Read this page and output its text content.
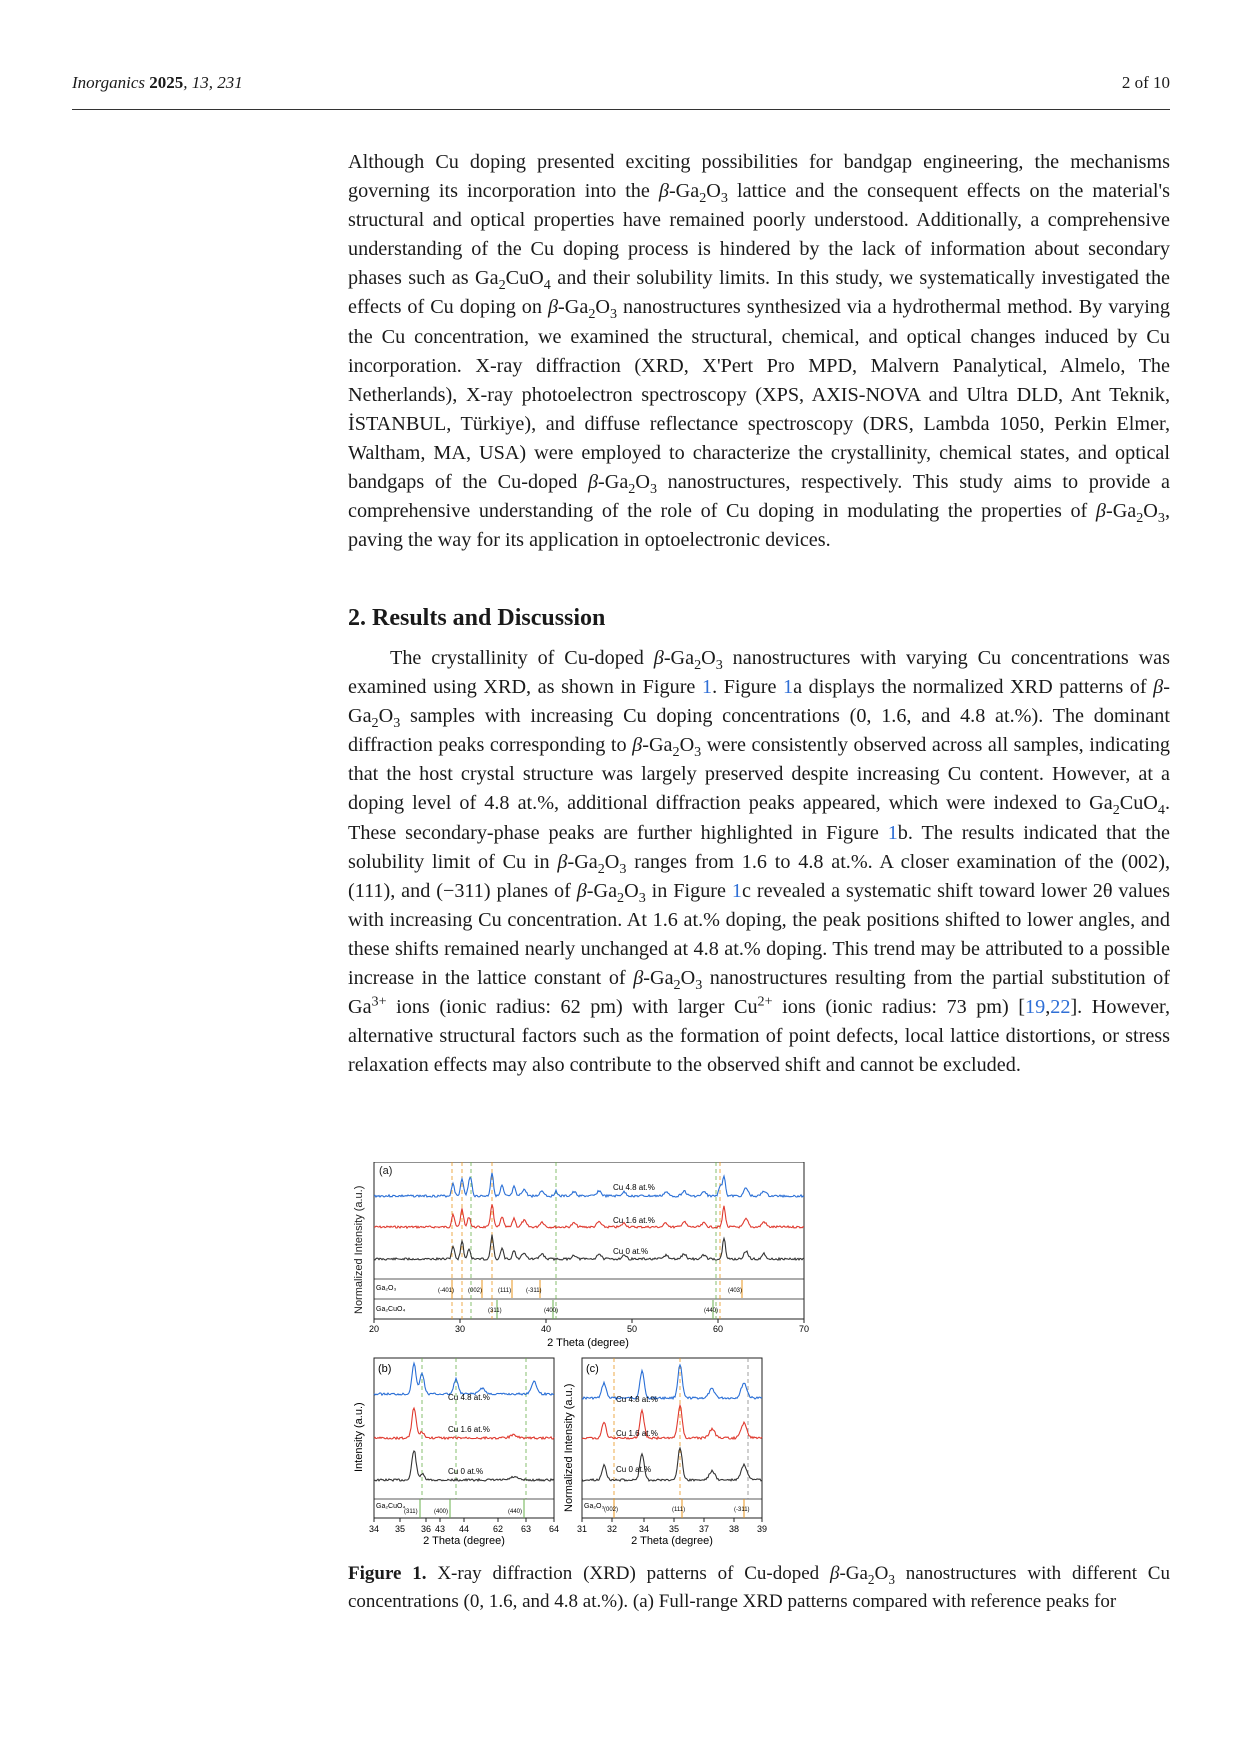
Inorganics 2025, 13, 231	2 of 10

Although Cu doping presented exciting possibilities for bandgap engineering, the mechanisms governing its incorporation into the $\beta-Ga_2O_3$ lattice and the consequent effects on the material's structural and optical properties have remained poorly understood. Additionally, a comprehensive understanding of the Cu doping process is hindered by the lack of information about secondary phases such as $Ga_2CuO_4$ and their solubility limits. In this study, we systematically investigated the effects of Cu doping on $\beta-Ga_2O_3$ nanostructures synthesized via a hydrothermal method. By varying the Cu concentration, we examined the structural, chemical, and optical changes induced by Cu incorporation. X-ray diffraction (XRD, X'Pert Pro MPD, Malvern Panalytical, Almelo, The Netherlands), X-ray photoelectron spectroscopy (XPS, AXIS-NOVA and Ultra DLD, Ant Teknik, İSTANBUL, Türkiye), and diffuse reflectance spectroscopy (DRS, Lambda 1050, Perkin Elmer, Waltham, MA, USA) were employed to characterize the crystallinity, chemical states, and optical bandgaps of the Cu-doped $\beta-Ga_2O_3$ nanostructures, respectively. This study aims to provide a comprehensive understanding of the role of Cu doping in modulating the properties of $\beta-Ga_2O_3$, paving the way for its application in optoelectronic devices.

2. Results and Discussion

The crystallinity of Cu-doped $\beta-Ga_2O_3$ nanostructures with varying Cu concentrations was examined using XRD, as shown in Figure 1. Figure 1a displays the normalized XRD patterns of $\beta-Ga_2O_3$ samples with increasing Cu doping concentrations (0, 1.6, and 4.8 at.%). The dominant diffraction peaks corresponding to $\beta-Ga_2O_3$ were consistently observed across all samples, indicating that the host crystal structure was largely preserved despite increasing Cu content. However, at a doping level of 4.8 at.%, additional diffraction peaks appeared, which were indexed to $Ga_2CuO_4$. These secondary-phase peaks are further highlighted in Figure 1b. The results indicated that the solubility limit of Cu in $\beta-Ga_2O_3$ ranges from 1.6 to 4.8 at.%. A closer examination of the (002), (111), and (−311) planes of $\beta-Ga_2O_3$ in Figure 1c revealed a systematic shift toward lower 2θ values with increasing Cu concentration. At 1.6 at.% doping, the peak positions shifted to lower angles, and these shifts remained nearly unchanged at 4.8 at.% doping. This trend may be attributed to a possible increase in the lattice constant of $\beta-Ga_2O_3$ nanostructures resulting from the partial substitution of $Ga^{3+}$ ions (ionic radius: 62 pm) with larger $Cu^{2+}$ ions (ionic radius: 73 pm) [19,22]. However, alternative structural factors such as the formation of point defects, local lattice distortions, or stress relaxation effects may also contribute to the observed shift and cannot be excluded.

(a)
Normalized Intensity (a.u.)	Cu 4.8 at.%
Cu 1.6 at.%
Cu 0 at.%
Ga₂O₃
Ga₂CuO₄
(-401) (002)	(111) (-311)	(403)
(311)	(400)	(440)
20	30	40	50	60	70
2 Theta (degree)
(b)
Intensity (a.u.)
Cu 4.8 at.%
Cu 1.6 at.%
Cu 0 at.%
Ga₂CuO₄
(311)	(400)	(440)
34 35 36 43 44	62 63 64
2 Theta (degree)
(c)
Normalized Intensity (a.u.)	Cu 4.8 at.%
Cu 1.6 at.%
Cu 0 at.%
Ga₂O₃ (002)	(111)	(-311)
31 32 34 35 37 38 39
2 Theta (degree)
Figure 1. X-ray diffraction (XRD) patterns of Cu-doped $\beta-Ga_2O_3$ nanostructures with different Cu concentrations (0, 1.6, and 4.8 at.%). (a) Full-range XRD patterns compared with reference peaks for
